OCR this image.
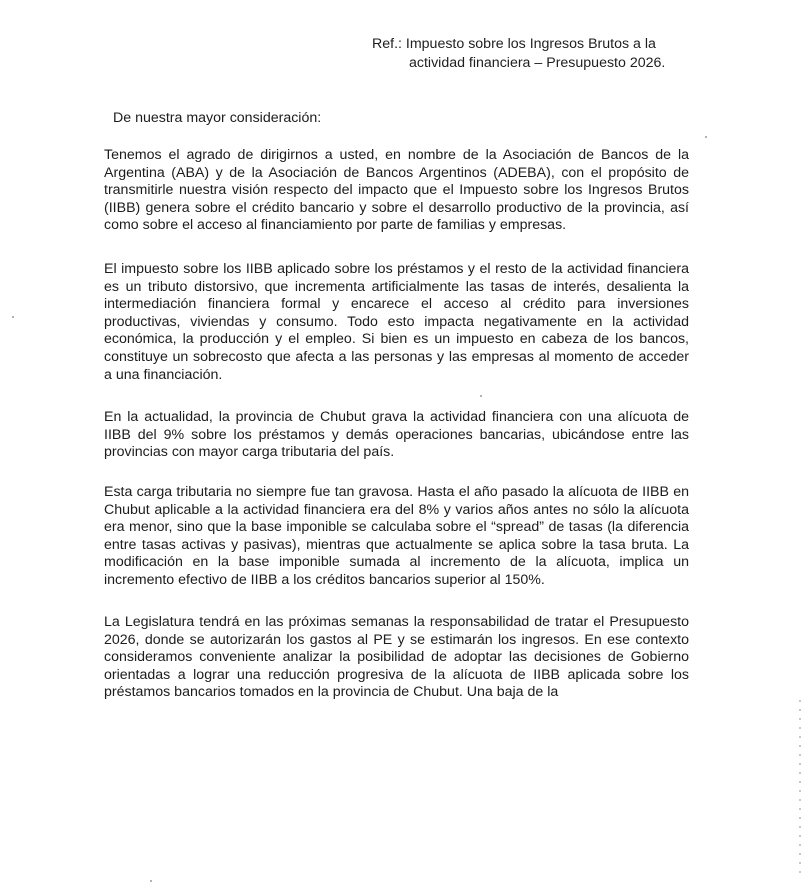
Ref.: Impuesto sobre los Ingresos Brutos a la
actividad financiera – Presupuesto 2026.
De nuestra mayor consideración:

Tenemos el agrado de dirigirnos a usted, en nombre de la Asociación de Bancos de la Argentina (ABA) y de la Asociación de Bancos Argentinos (ADEBA), con el propósito de transmitirle nuestra visión respecto del impacto que el Impuesto sobre los Ingresos Brutos (IIBB) genera sobre el crédito bancario y sobre el desarrollo productivo de la provincia, así como sobre el acceso al financiamiento por parte de familias y empresas.

El impuesto sobre los IIBB aplicado sobre los préstamos y el resto de la actividad financiera es un tributo distorsivo, que incrementa artificialmente las tasas de interés, desalienta la intermediación financiera formal y encarece el acceso al crédito para inversiones productivas, viviendas y consumo. Todo esto impacta negativamente en la actividad económica, la producción y el empleo. Si bien es un impuesto en cabeza de los bancos, constituye un sobrecosto que afecta a las personas y las empresas al momento de acceder a una financiación.

En la actualidad, la provincia de Chubut grava la actividad financiera con una alícuota de IIBB del 9% sobre los préstamos y demás operaciones bancarias, ubicándose entre las provincias con mayor carga tributaria del país.

Esta carga tributaria no siempre fue tan gravosa. Hasta el año pasado la alícuota de IIBB en Chubut aplicable a la actividad financiera era del 8% y varios años antes no sólo la alícuota era menor, sino que la base imponible se calculaba sobre el “spread” de tasas (la diferencia entre tasas activas y pasivas), mientras que actualmente se aplica sobre la tasa bruta. La modificación en la base imponible sumada al incremento de la alícuota, implica un incremento efectivo de IIBB a los créditos bancarios superior al 150%.

La Legislatura tendrá en las próximas semanas la responsabilidad de tratar el Presupuesto 2026, donde se autorizarán los gastos al PE y se estimarán los ingresos. En ese contexto consideramos conveniente analizar la posibilidad de adoptar las decisiones de Gobierno orientadas a lograr una reducción progresiva de la alícuota de IIBB aplicada sobre los préstamos bancarios tomados en la provincia de Chubut. Una baja de la
